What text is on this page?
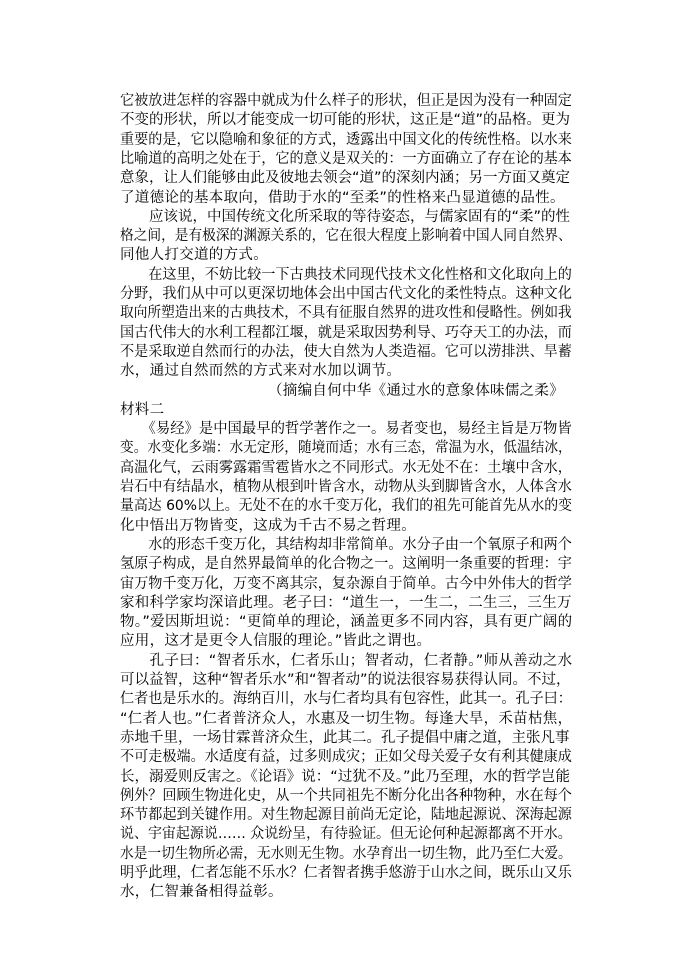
它被放进怎样的容器中就成为什么样子的形状，但正是因为没有一种固定

不变的形状，所以才能变成一切可能的形状，这正是“道”的品格。更为

重要的是，它以隐喻和象征的方式，透露出中国文化的传统性格。以水来

比喻道的高明之处在于，它的意义是双关的：一方面确立了存在论的基本

意象，让人们能够由此及彼地去领会“道”的深刻内涵；另一方面又奠定

了道德论的基本取向，借助于水的“至柔”的性格来凸显道德的品性。

　　应该说，中国传统文化所采取的等待姿态，与儒家固有的“柔”的性

格之间，是有极深的渊源关系的，它在很大程度上影响着中国人同自然界、

同他人打交道的方式。

　　在这里，不妨比较一下古典技术同现代技术文化性格和文化取向上的

分野，我们从中可以更深切地体会出中国古代文化的柔性特点。这种文化

取向所塑造出来的古典技术，不具有征服自然界的进攻性和侵略性。例如我

国古代伟大的水利工程都江堰，就是采取因势利导、巧夺天工的办法，而

不是采取逆自然而行的办法，使大自然为人类造福。它可以涝排洪、旱蓄

水，通过自然而然的方式来对水加以调节。

（摘编自何中华《通过水的意象体味儒之柔》

材料二

　　《易经》是中国最早的哲学著作之一。易者变也，易经主旨是万物皆

变。水变化多端：水无定形，随境而适；水有三态，常温为水，低温结冰，

高温化气，云雨雾露霜雪雹皆水之不同形式。水无处不在：土壤中含水，

岩石中有结晶水，植物从根到叶皆含水，动物从头到脚皆含水，人体含水

量高达 60%以上。无处不在的水千变万化，我们的祖先可能首先从水的变

化中悟出万物皆变，这成为千古不易之哲理。

　　水的形态千变万化，其结构却非常简单。水分子由一个氧原子和两个

氢原子构成，是自然界最简单的化合物之一。这阐明一条重要的哲理：宇

宙万物千变万化，万变不离其宗，复杂源自于简单。古今中外伟大的哲学

家和科学家均深谙此理。老子曰：“道生一，一生二，二生三，三生万

物。”爱因斯坦说：“更简单的理论，涵盖更多不同内容，具有更广阔的

应用，这才是更令人信服的理论。”皆此之谓也。

　　孔子曰：“智者乐水，仁者乐山；智者动，仁者静。”师从善动之水

可以益智，这种“智者乐水”和“智者动”的说法很容易获得认同。不过，

仁者也是乐水的。海纳百川，水与仁者均具有包容性，此其一。孔子曰：

“仁者人也。”仁者普济众人，水惠及一切生物。每逢大旱，禾苗枯焦，

赤地千里，一场甘霖普济众生，此其二。孔子提倡中庸之道，主张凡事

不可走极端。水适度有益，过多则成灾；正如父母关爱子女有利其健康成

长，溺爱则反害之。《论语》说：“过犹不及。”此乃至理，水的哲学岂能

例外？回顾生物进化史，从一个共同祖先不断分化出各种物种，水在每个

环节都起到关键作用。对生物起源目前尚无定论，陆地起源说、深海起源

说、宇宙起源说…… 众说纷呈，有待验证。但无论何种起源都离不开水。

水是一切生物所必需，无水则无生物。水孕育出一切生物，此乃至仁大爱。

明乎此理，仁者怎能不乐水？仁者智者携手悠游于山水之间，既乐山又乐

水，仁智兼备相得益彰。
